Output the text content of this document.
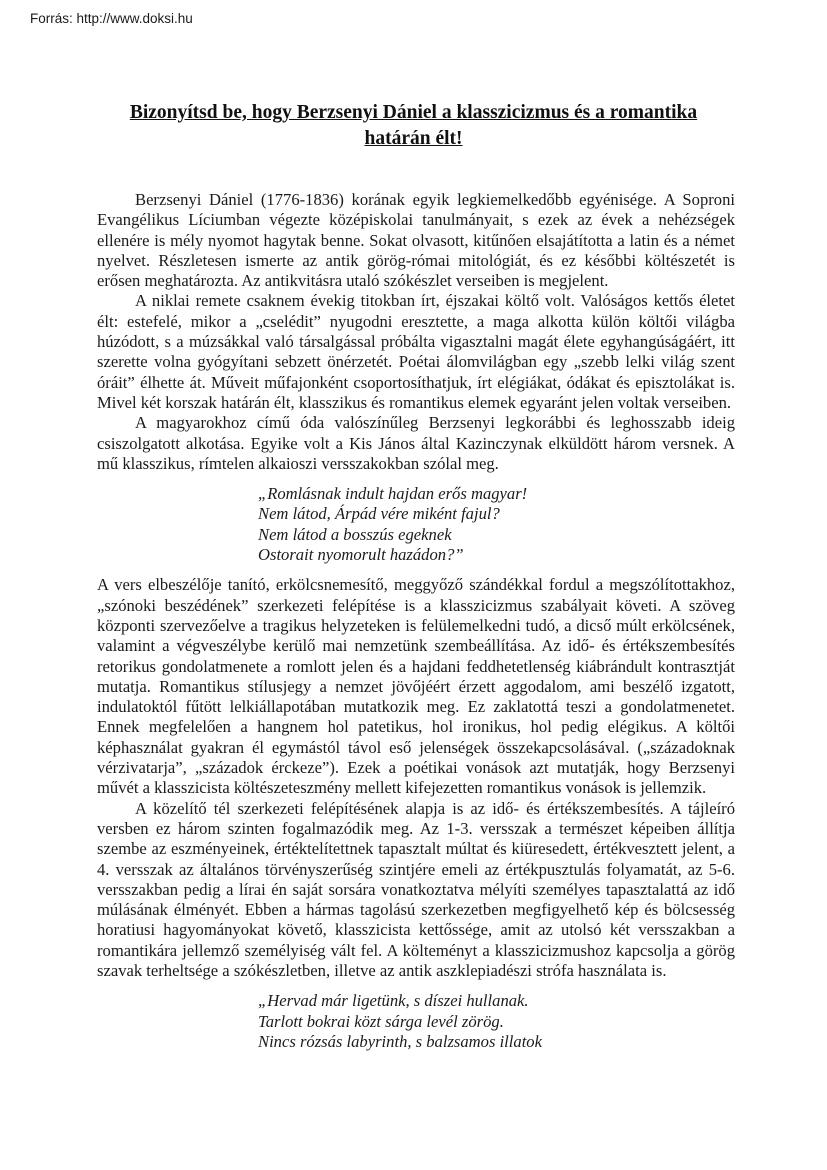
Forrás: http://www.doksi.hu
Bizonyítsd be, hogy Berzsenyi Dániel a klasszicizmus és a romantika határán élt!

Berzsenyi Dániel (1776-1836) korának egyik legkiemelkedőbb egyénisége. A Soproni Evangélikus Líciumban végezte középiskolai tanulmányait, s ezek az évek a nehézségek ellenére is mély nyomot hagytak benne. Sokat olvasott, kitűnően elsajátította a latin és a német nyelvet. Részletesen ismerte az antik görög-római mitológiát, és ez későbbi költészetét is erősen meghatározta. Az antikvitásra utaló szókészlet verseiben is megjelent.

A niklai remete csaknem évekig titokban írt, éjszakai költő volt. Valóságos kettős életet élt: estefelé, mikor a „cselédit” nyugodni eresztette, a maga alkotta külön költői világba húzódott, s a múzsákkal való társalgással próbálta vigasztalni magát élete egyhangúságáért, itt szerette volna gyógyítani sebzett önérzetét. Poétai álomvilágban egy „szebb lelki világ szent óráit” élhette át. Műveit műfajonként csoportosíthatjuk, írt elégiákat, ódákat és episztolákat is. Mivel két korszak határán élt, klasszikus és romantikus elemek egyaránt jelen voltak verseiben.

A magyarokhoz című óda valószínűleg Berzsenyi legkorábbi és leghosszabb ideig csiszolgatott alkotása. Egyike volt a Kis János által Kazinczynak elküldött három versnek. A mű klasszikus, rímtelen alkaioszi versszakokban szólal meg.

„Romlásnak indult hajdan erős magyar!
Nem látod, Árpád vére miként fajul?
Nem látod a bosszús egeknek
Ostorait nyomorult hazádon?”

A vers elbeszélője tanító, erkölcsnemesítő, meggyőző szándékkal fordul a megszólítottakhoz, „szónoki beszédének” szerkezeti felépítése is a klasszicizmus szabályait követi. A szöveg központi szervezőelve a tragikus helyzeteken is felülemelkedni tudó, a dicső múlt erkölcsének, valamint a végveszélybe kerülő mai nemzetünk szembeállítása. Az idő- és értékszembesítés retorikus gondolatmenete a romlott jelen és a hajdani feddhetetlenség kiábrándult kontrasztját mutatja. Romantikus stílusjegy a nemzet jövőjéért érzett aggodalom, ami beszélő izgatott, indulatoktól fűtött lelkiállapotában mutatkozik meg. Ez zaklatottá teszi a gondolatmenetet. Ennek megfelelően a hangnem hol patetikus, hol ironikus, hol pedig elégikus. A költői képhasználat gyakran él egymástól távol eső jelenségek összekapcsolásával. („századoknak vérzivatarja”, „századok érckeze”). Ezek a poétikai vonások azt mutatják, hogy Berzsenyi művét a klasszicista költészeteszmény mellett kifejezetten romantikus vonások is jellemzik.

A közelítő tél szerkezeti felépítésének alapja is az idő- és értékszembesítés. A tájleíró versben ez három szinten fogalmazódik meg. Az 1-3. versszak a természet képeiben állítja szembe az eszményeinek, értéktelítettnek tapasztalt múltat és kiüresedett, értékvesztett jelent, a 4. versszak az általános törvényszerűség szintjére emeli az értékpusztulás folyamatát, az 5-6. versszakban pedig a lírai én saját sorsára vonatkoztatva mélyíti személyes tapasztalattá az idő múlásának élményét. Ebben a hármas tagolású szerkezetben megfigyelhető kép és bölcsesség horatiusi hagyományokat követő, klasszicista kettőssége, amit az utolsó két versszakban a romantikára jellemző személyiség vált fel. A költeményt a klasszicizmushoz kapcsolja a görög szavak terheltsége a szókészletben, illetve az antik aszklepiadészi strófa használata is.

„Hervad már ligetünk, s díszei hullanak.
Tarlott bokrai közt sárga levél zörög.
Nincs rózsás labyrinth, s balzsamos illatok
